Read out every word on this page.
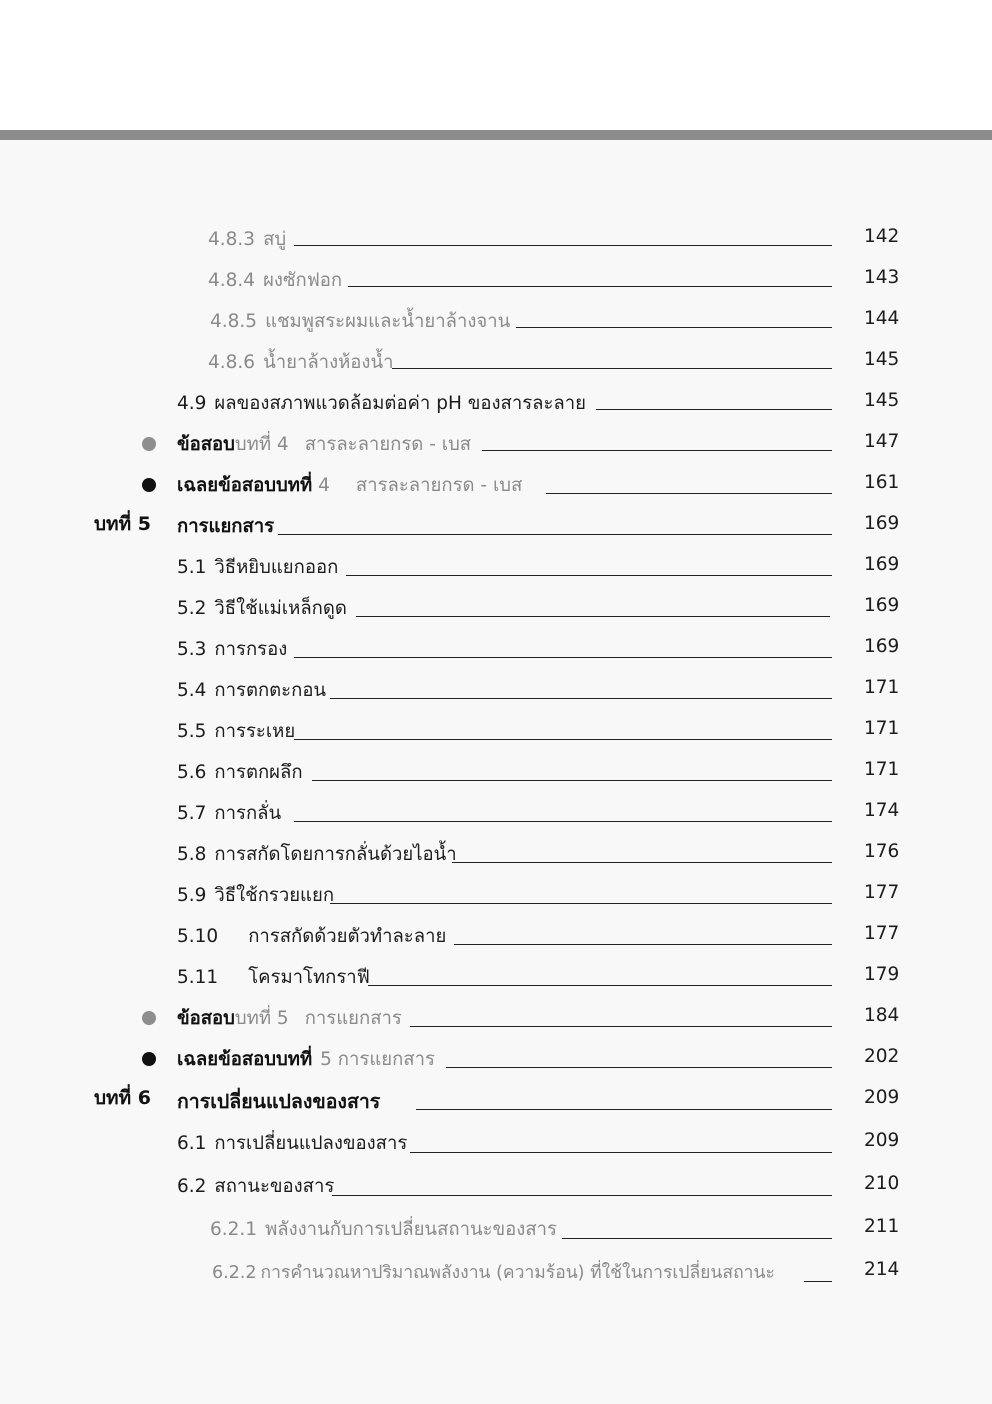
4.8.3 สบู่	142
4.8.4 ผงซักฟอก	143
4.8.5 แชมพูสระผมและน้ำยาล้างจาน	144
4.8.6 น้ำยาล้างห้องน้ำ	145
4.9 ผลของสภาพแวดล้อมต่อค่า pH ของสารละลาย	145
ข้อสอบ บทที่ 4 สารละลายกรด - เบส	147
เฉลยข้อสอบบทที่ 4 สารละลายกรด - เบส	161
บทที่ 5 การแยกสาร	169
5.1 วิธีหยิบแยกออก	169
5.2 วิธีใช้แม่เหล็กดูด	169
5.3 การกรอง	169
5.4 การตกตะกอน	171
5.5 การระเหย	171
5.6 การตกผลึก	171
5.7 การกลั่น	174
5.8 การสกัดโดยการกลั่นด้วยไอน้ำ	176
5.9 วิธีใช้กรวยแยก	177
5.10 การสกัดด้วยตัวทำละลาย	177
5.11 โครมาโทกราฟี	179
ข้อสอบ บทที่ 5 การแยกสาร	184
เฉลยข้อสอบบทที่ 5 การแยกสาร	202
บทที่ 6 การเปลี่ยนแปลงของสาร	209
6.1 การเปลี่ยนแปลงของสาร	209
6.2 สถานะของสาร	210
6.2.1 พลังงานกับการเปลี่ยนสถานะของสาร	211
6.2.2 การคำนวณหาปริมาณพลังงาน (ความร้อน) ที่ใช้ในการเปลี่ยนสถานะ	214
